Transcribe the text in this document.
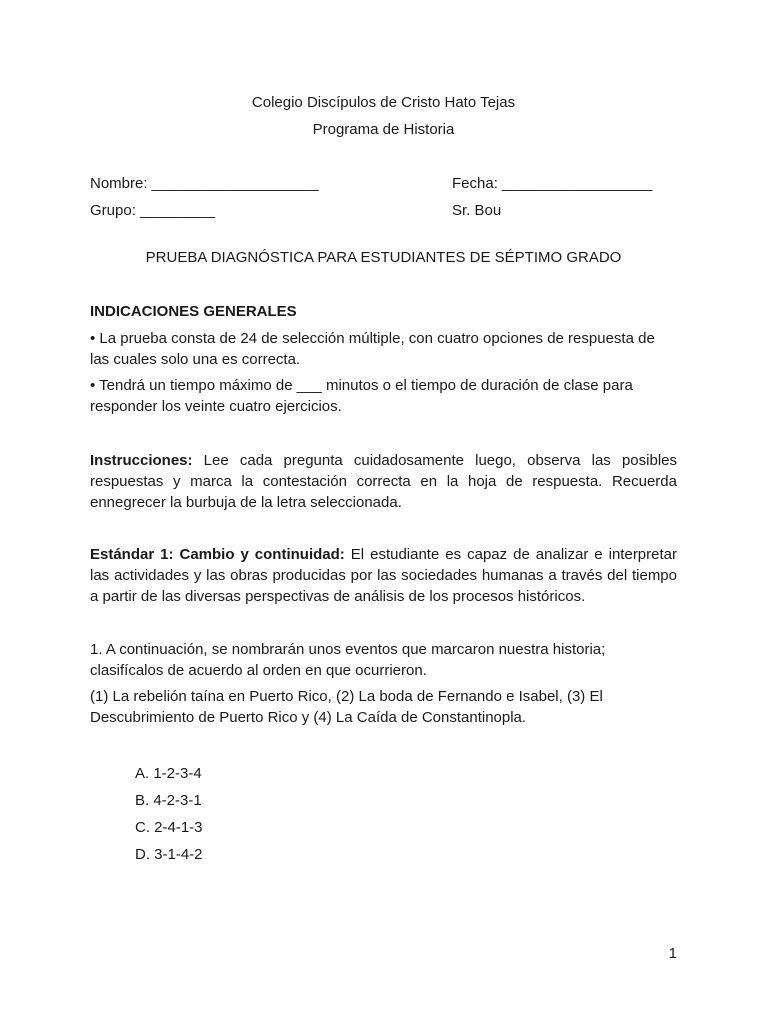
Colegio Discípulos de Cristo Hato Tejas
Programa de Historia
Nombre: ____________________	Fecha: __________________
Grupo: _________	Sr. Bou
PRUEBA DIAGNÓSTICA PARA ESTUDIANTES DE SÉPTIMO GRADO
INDICACIONES GENERALES

• La prueba consta de 24 de selección múltiple, con cuatro opciones de respuesta de las cuales solo una es correcta.

• Tendrá un tiempo máximo de ___ minutos o el tiempo de duración de clase para responder los veinte cuatro ejercicios.

Instrucciones: Lee cada pregunta cuidadosamente luego, observa las posibles respuestas y marca la contestación correcta en la hoja de respuesta. Recuerda ennegrecer la burbuja de la letra seleccionada.

Estándar 1: Cambio y continuidad: El estudiante es capaz de analizar e interpretar las actividades y las obras producidas por las sociedades humanas a través del tiempo a partir de las diversas perspectivas de análisis de los procesos históricos.

1. A continuación, se nombrarán unos eventos que marcaron nuestra historia; clasifícalos de acuerdo al orden en que ocurrieron.

(1) La rebelión taína en Puerto Rico, (2) La boda de Fernando e Isabel, (3) El Descubrimiento de Puerto Rico y (4) La Caída de Constantinopla.

A. 1-2-3-4
B. 4-2-3-1
C. 2-4-1-3
D. 3-1-4-2
1
